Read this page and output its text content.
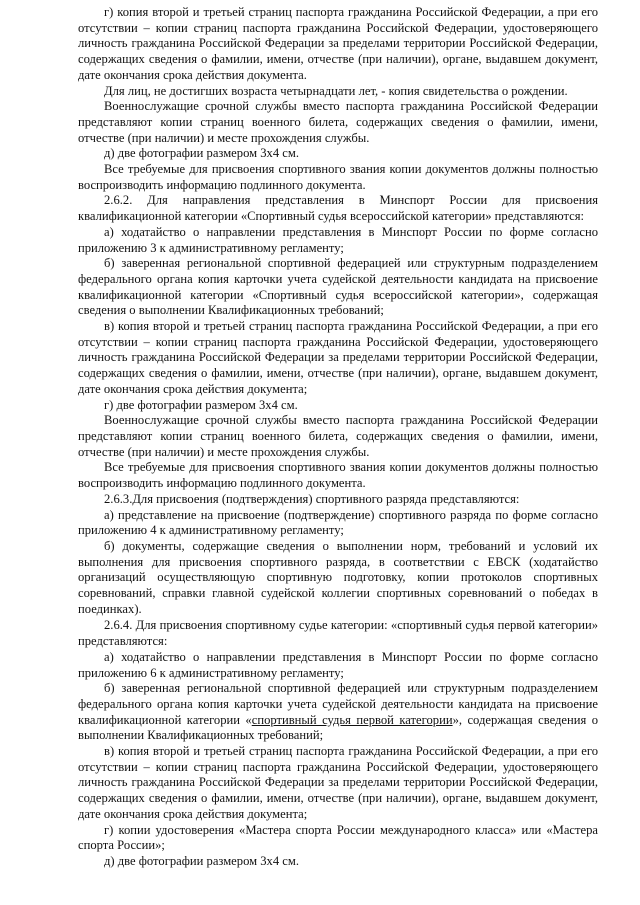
г) копия второй и третьей страниц паспорта гражданина Российской Федерации, а при его отсутствии – копии страниц паспорта гражданина Российской Федерации, удостоверяющего личность гражданина Российской Федерации за пределами территории Российской Федерации, содержащих сведения о фамилии, имени, отчестве (при наличии), органе, выдавшем документ, дате окончания срока действия документа.

Для лиц, не достигших возраста четырнадцати лет, - копия свидетельства о рождении.

Военнослужащие срочной службы вместо паспорта гражданина Российской Федерации представляют копии страниц военного билета, содержащих сведения о фамилии, имени, отчестве (при наличии) и месте прохождения службы.

д) две фотографии размером 3х4 см.

Все требуемые для присвоения спортивного звания копии документов должны полностью воспроизводить информацию подлинного документа.

2.6.2. Для направления представления в Минспорт России для присвоения квалификационной категории «Спортивный судья всероссийской категории» представляются:

а) ходатайство о направлении представления в Минспорт России по форме согласно приложению 3 к административному регламенту;

б) заверенная региональной спортивной федерацией или структурным подразделением федерального органа копия карточки учета судейской деятельности кандидата на присвоение квалификационной категории «Спортивный судья всероссийской категории», содержащая сведения о выполнении Квалификационных требований;

в) копия второй и третьей страниц паспорта гражданина Российской Федерации, а при его отсутствии – копии страниц паспорта гражданина Российской Федерации, удостоверяющего личность гражданина Российской Федерации за пределами территории Российской Федерации, содержащих сведения о фамилии, имени, отчестве (при наличии), органе, выдавшем документ, дате окончания срока действия документа;

г) две фотографии размером 3х4 см.

Военнослужащие срочной службы вместо паспорта гражданина Российской Федерации представляют копии страниц военного билета, содержащих сведения о фамилии, имени, отчестве (при наличии) и месте прохождения службы.

Все требуемые для присвоения спортивного звания копии документов должны полностью воспроизводить информацию подлинного документа.

2.6.3.Для присвоения (подтверждения) спортивного разряда представляются:

а) представление на присвоение (подтверждение) спортивного разряда по форме согласно приложению 4 к административному регламенту;

б) документы, содержащие сведения о выполнении норм, требований и условий их выполнения для присвоения спортивного разряда, в соответствии с ЕВСК (ходатайство организаций осуществляющую спортивную подготовку, копии протоколов спортивных соревнований, справки главной судейской коллегии спортивных соревнований о победах в поединках).

2.6.4. Для присвоения спортивному судье категории: «спортивный судья первой категории» представляются:

а) ходатайство о направлении представления в Минспорт России по форме согласно приложению 6 к административному регламенту;

б) заверенная региональной спортивной федерацией или структурным подразделением федерального органа копия карточки учета судейской деятельности кандидата на присвоение квалификационной категории «спортивный судья первой категории», содержащая сведения о выполнении Квалификационных требований;

в) копия второй и третьей страниц паспорта гражданина Российской Федерации, а при его отсутствии – копии страниц паспорта гражданина Российской Федерации, удостоверяющего личность гражданина Российской Федерации за пределами территории Российской Федерации, содержащих сведения о фамилии, имени, отчестве (при наличии), органе, выдавшем документ, дате окончания срока действия документа;

г) копии удостоверения «Мастера спорта России международного класса» или «Мастера спорта России»;

д) две фотографии размером 3х4 см.
